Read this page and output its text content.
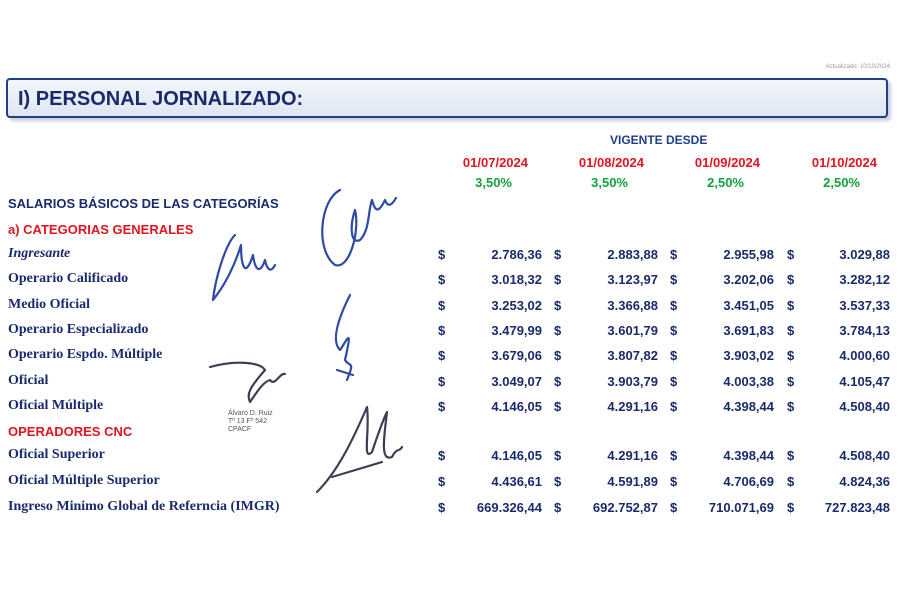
Actualizado: 10/10/2024
I) PERSONAL JORNALIZADO:
VIGENTE DESDE
01/07/2024	01/08/2024	01/09/2024	01/10/2024
3,50%	3,50%	2,50%	2,50%
SALARIOS BÁSICOS DE LAS CATEGORÍAS
a) CATEGORIAS GENERALES
OPERADORES CNC
Ingresante	$	2.786,36 $	2.883,88 $	2.955,98 $	3.029,88
Operario Calificado	$	3.018,32 $	3.123,97 $	3.202,06 $	3.282,12
Medio Oficial	$	3.253,02 $	3.366,88 $	3.451,05 $	3.537,33
Operario Especializado	$	3.479,99 $	3.601,79 $	3.691,83 $	3.784,13
Operario Espdo. Múltiple	$	3.679,06 $	3.807,82 $	3.903,02 $	4.000,60
Oficial	$	3.049,07 $	3.903,79 $	4.003,38 $	4.105,47
Oficial Múltiple	$	4.146,05 $	4.291,16 $	4.398,44 $	4.508,40
Oficial Superior	$	4.146,05 $	4.291,16 $	4.398,44 $	4.508,40
Oficial Múltiple Superior	$	4.436,61 $	4.591,89 $	4.706,69 $	4.824,36
Ingreso Minimo Global de Referncia (IMGR)	$	669.326,44 $	692.752,87 $	710.071,69 $	727.823,48
Álvaro D. Ruiz
Tº 13 Fº 542
CPACF
